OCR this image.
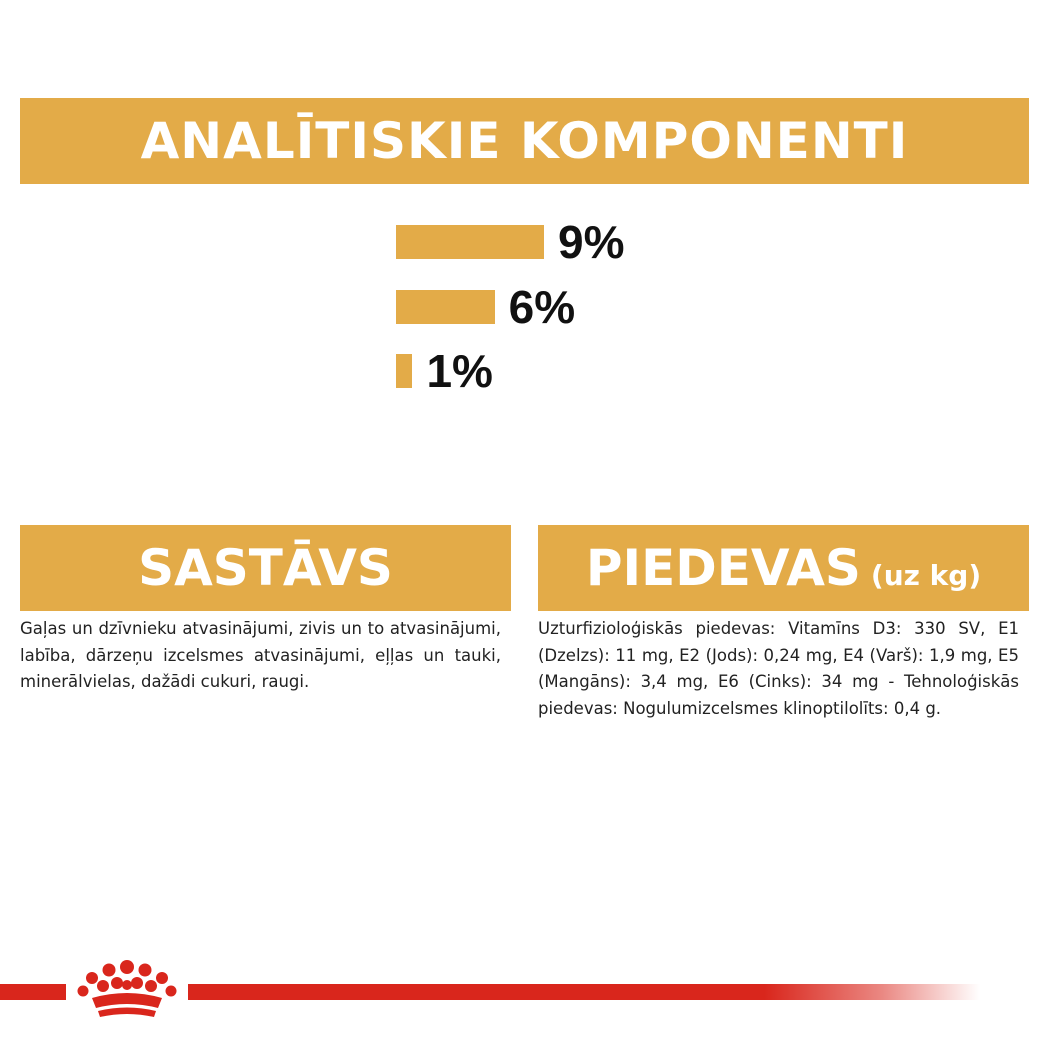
ANALĪTISKIE KOMPONENTI
9%
6%
1%
SASTĀVS
Gaļas un dzīvnieku atvasinājumi, zivis un to atvasinājumi, labība, dārzeņu izcelsmes atvasinājumi, eļļas un tauki, minerālvielas, dažādi cukuri, raugi.
PIEDEVAS (uz kg)
Uzturfizioloģiskās piedevas: Vitamīns D3: 330 SV, E1 (Dzelzs): 11 mg, E2 (Jods): 0,24 mg, E4 (Varš): 1,9 mg, E5 (Mangāns): 3,4 mg, E6 (Cinks): 34 mg - Tehnoloģiskās piedevas: Nogulumizcelsmes klinoptilolīts: 0,4 g.
